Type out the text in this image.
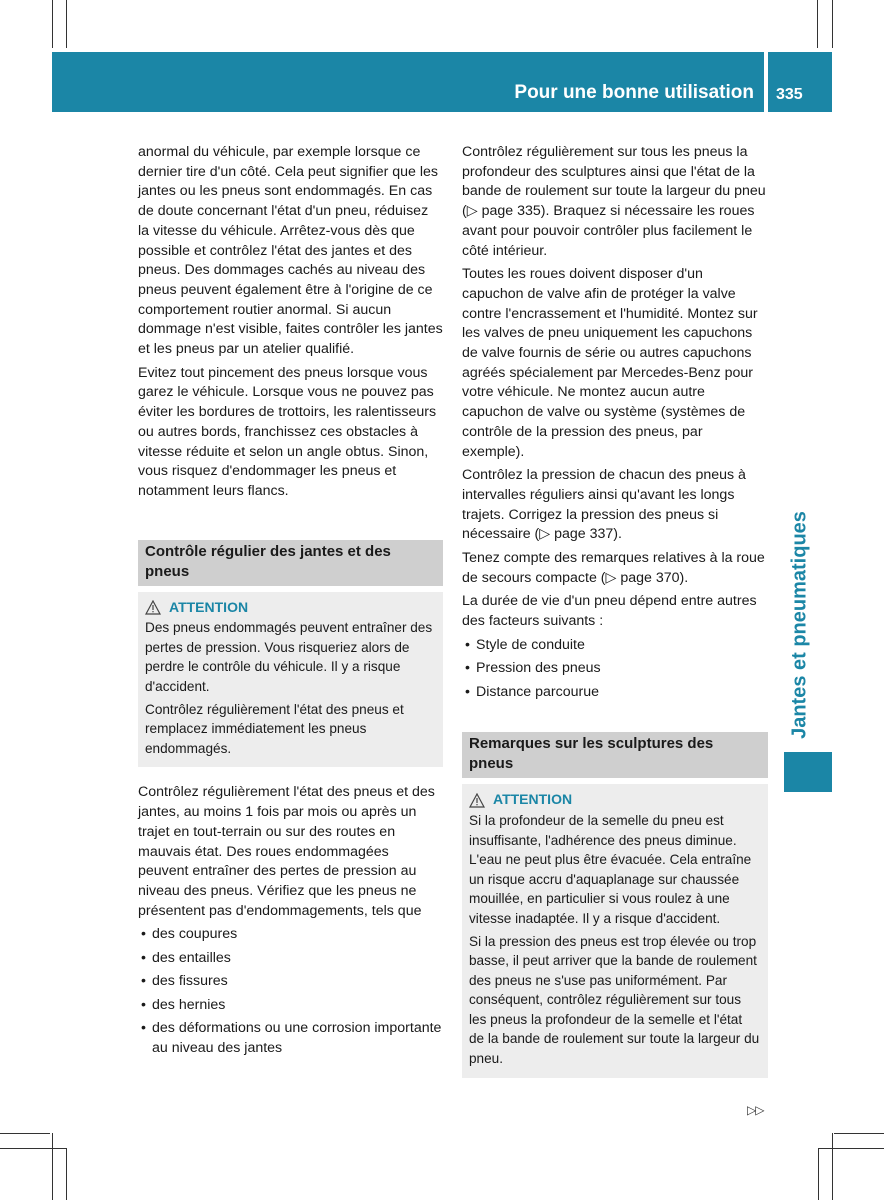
Pour une bonne utilisation 335
Jantes et pneumatiques

anormal du véhicule, par exemple lorsque ce dernier tire d'un côté. Cela peut signifier que les jantes ou les pneus sont endommagés. En cas de doute concernant l'état d'un pneu, réduisez la vitesse du véhicule. Arrêtez-vous dès que possible et contrôlez l'état des jantes et des pneus. Des dommages cachés au niveau des pneus peuvent également être à l'origine de ce comportement routier anormal. Si aucun dommage n'est visible, faites contrôler les jantes et les pneus par un atelier qualifié.

Evitez tout pincement des pneus lorsque vous garez le véhicule. Lorsque vous ne pouvez pas éviter les bordures de trottoirs, les ralentisseurs ou autres bords, franchissez ces obstacles à vitesse réduite et selon un angle obtus. Sinon, vous risquez d'endommager les pneus et notamment leurs flancs.

Contrôle régulier des jantes et des pneus
ATTENTION

Des pneus endommagés peuvent entraîner des pertes de pression. Vous risqueriez alors de perdre le contrôle du véhicule. Il y a risque d'accident.

Contrôlez régulièrement l'état des pneus et remplacez immédiatement les pneus endommagés.

Contrôlez régulièrement l'état des pneus et des jantes, au moins 1 fois par mois ou après un trajet en tout-terrain ou sur des routes en mauvais état. Des roues endommagées peuvent entraîner des pertes de pression au niveau des pneus. Vérifiez que les pneus ne présentent pas d'endommagements, tels que

• des coupures
• des entailles
• des fissures
• des hernies
• des déformations ou une corrosion importante au niveau des jantes

Contrôlez régulièrement sur tous les pneus la profondeur des sculptures ainsi que l'état de la bande de roulement sur toute la largeur du pneu (▷ page 335). Braquez si nécessaire les roues avant pour pouvoir contrôler plus facilement le côté intérieur.

Toutes les roues doivent disposer d'un capuchon de valve afin de protéger la valve contre l'encrassement et l'humidité. Montez sur les valves de pneu uniquement les capuchons de valve fournis de série ou autres capuchons agréés spécialement par Mercedes-Benz pour votre véhicule. Ne montez aucun autre capuchon de valve ou système (systèmes de contrôle de la pression des pneus, par exemple).

Contrôlez la pression de chacun des pneus à intervalles réguliers ainsi qu'avant les longs trajets. Corrigez la pression des pneus si nécessaire (▷ page 337).

Tenez compte des remarques relatives à la roue de secours compacte (▷ page 370).

La durée de vie d'un pneu dépend entre autres des facteurs suivants :

• Style de conduite
• Pression des pneus
• Distance parcourue
Remarques sur les sculptures des pneus
ATTENTION

Si la profondeur de la semelle du pneu est insuffisante, l'adhérence des pneus diminue. L'eau ne peut plus être évacuée. Cela entraîne un risque accru d'aquaplanage sur chaussée mouillée, en particulier si vous roulez à une vitesse inadaptée. Il y a risque d'accident.

Si la pression des pneus est trop élevée ou trop basse, il peut arriver que la bande de roulement des pneus ne s'use pas uniformément. Par conséquent, contrôlez régulièrement sur tous les pneus la profondeur de la semelle et l'état de la bande de roulement sur toute la largeur du pneu.

▷▷
